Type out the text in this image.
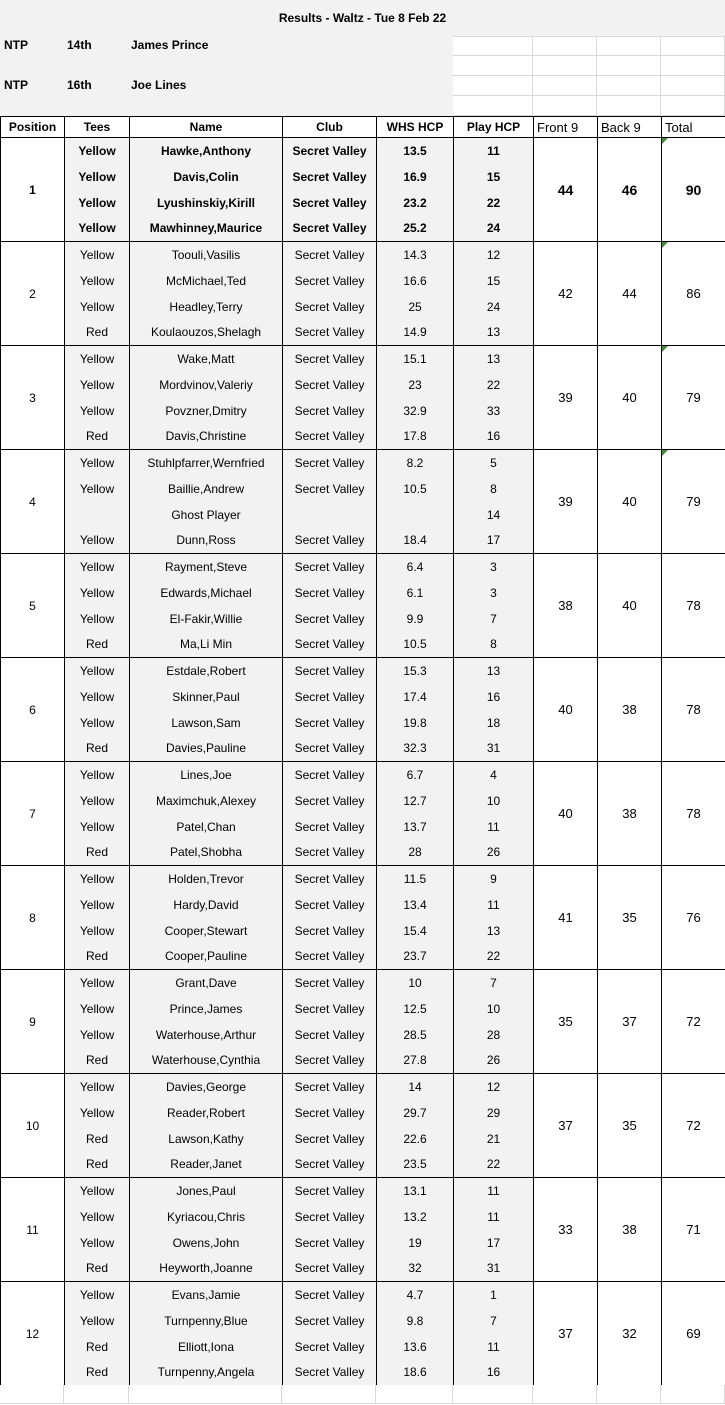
Results - Waltz - Tue 8 Feb 22
NTP	14th	James Prince
NTP	16th	Joe Lines
Position	Tees	Name	Club	WHS HCP	Play HCP	Front 9	Back 9	Total
1	Yellow	Hawke,Anthony	Secret Valley	13.5	11	44	46	90
	Yellow	Davis,Colin	Secret Valley	16.9	15			
	Yellow	Lyushinskiy,Kirill	Secret Valley	23.2	22			
	Yellow	Mawhinney,Maurice	Secret Valley	25.2	24			
2	Yellow	Toouli,Vasilis	Secret Valley	14.3	12	42	44	86
	Yellow	McMichael,Ted	Secret Valley	16.6	15			
	Yellow	Headley,Terry	Secret Valley	25	24			
	Red	Koulaouzos,Shelagh	Secret Valley	14.9	13			
3	Yellow	Wake,Matt	Secret Valley	15.1	13	39	40	79
	Yellow	Mordvinov,Valeriy	Secret Valley	23	22			
	Yellow	Povzner,Dmitry	Secret Valley	32.9	33			
	Red	Davis,Christine	Secret Valley	17.8	16			
4	Yellow	Stuhlpfarrer,Wernfried	Secret Valley	8.2	5	39	40	79
	Yellow	Baillie,Andrew	Secret Valley	10.5	8			
		Ghost Player			14			
	Yellow	Dunn,Ross	Secret Valley	18.4	17			
5	Yellow	Rayment,Steve	Secret Valley	6.4	3	38	40	78
	Yellow	Edwards,Michael	Secret Valley	6.1	3			
	Yellow	El-Fakir,Willie	Secret Valley	9.9	7			
	Red	Ma,Li Min	Secret Valley	10.5	8			
6	Yellow	Estdale,Robert	Secret Valley	15.3	13	40	38	78
	Yellow	Skinner,Paul	Secret Valley	17.4	16			
	Yellow	Lawson,Sam	Secret Valley	19.8	18			
	Red	Davies,Pauline	Secret Valley	32.3	31			
7	Yellow	Lines,Joe	Secret Valley	6.7	4	40	38	78
	Yellow	Maximchuk,Alexey	Secret Valley	12.7	10			
	Yellow	Patel,Chan	Secret Valley	13.7	11			
	Red	Patel,Shobha	Secret Valley	28	26			
8	Yellow	Holden,Trevor	Secret Valley	11.5	9	41	35	76
	Yellow	Hardy,David	Secret Valley	13.4	11			
	Yellow	Cooper,Stewart	Secret Valley	15.4	13			
	Red	Cooper,Pauline	Secret Valley	23.7	22			
9	Yellow	Grant,Dave	Secret Valley	10	7	35	37	72
	Yellow	Prince,James	Secret Valley	12.5	10			
	Yellow	Waterhouse,Arthur	Secret Valley	28.5	28			
	Red	Waterhouse,Cynthia	Secret Valley	27.8	26			
10	Yellow	Davies,George	Secret Valley	14	12	37	35	72
	Yellow	Reader,Robert	Secret Valley	29.7	29			
	Red	Lawson,Kathy	Secret Valley	22.6	21			
	Red	Reader,Janet	Secret Valley	23.5	22			
11	Yellow	Jones,Paul	Secret Valley	13.1	11	33	38	71
	Yellow	Kyriacou,Chris	Secret Valley	13.2	11			
	Yellow	Owens,John	Secret Valley	19	17			
	Red	Heyworth,Joanne	Secret Valley	32	31			
12	Yellow	Evans,Jamie	Secret Valley	4.7	1	37	32	69
	Yellow	Turnpenny,Blue	Secret Valley	9.8	7			
	Red	Elliott,Iona	Secret Valley	13.6	11			
	Red	Turnpenny,Angela	Secret Valley	18.6	16			
